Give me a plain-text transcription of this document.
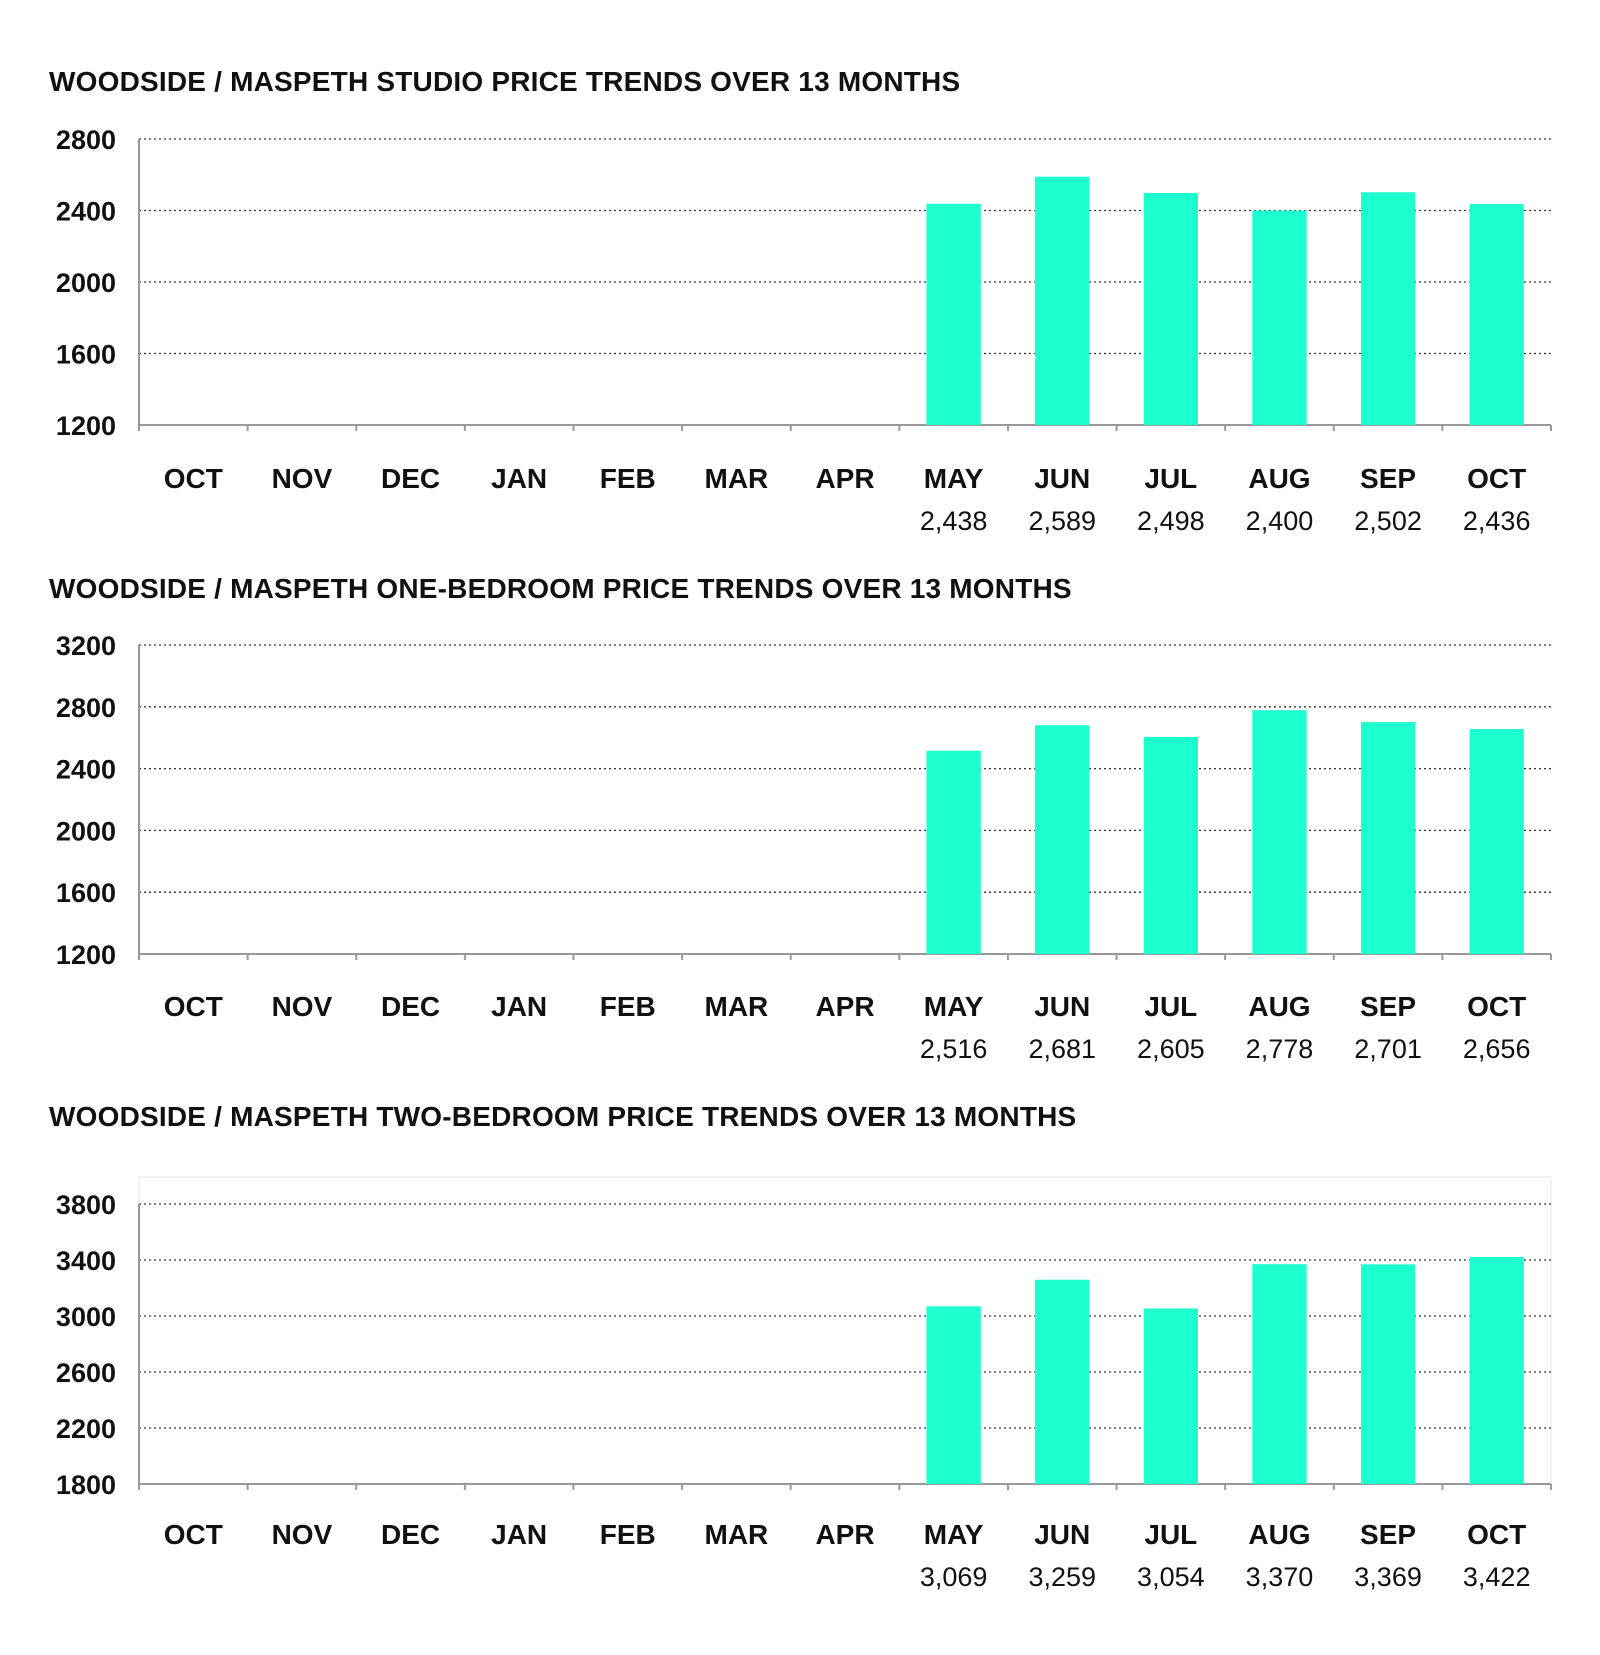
WOODSIDE / MASPETH STUDIO PRICE TRENDS OVER 13 MONTHS
1200
1600
2000
2400
2800
OCT NOV DEC JAN FEB MAR APR MAY
2,438
JUN
2,589
JUL
2,498
AUG
2,400
SEP
2,502
OCT
2,436
WOODSIDE / MASPETH ONE-BEDROOM PRICE TRENDS OVER 13 MONTHS
1200
1600
2000
2400
2800
3200
OCT NOV DEC JAN FEB MAR APR MAY
2,516
JUN
2,681
JUL
2,605
AUG
2,778
SEP
2,701
OCT
2,656
WOODSIDE / MASPETH TWO-BEDROOM PRICE TRENDS OVER 13 MONTHS
1800
2200
2600
3000
3400
3800
OCT NOV DEC JAN FEB MAR APR MAY
3,069
JUN
3,259
JUL
3,054
AUG
3,370
SEP
3,369
OCT
3,422
